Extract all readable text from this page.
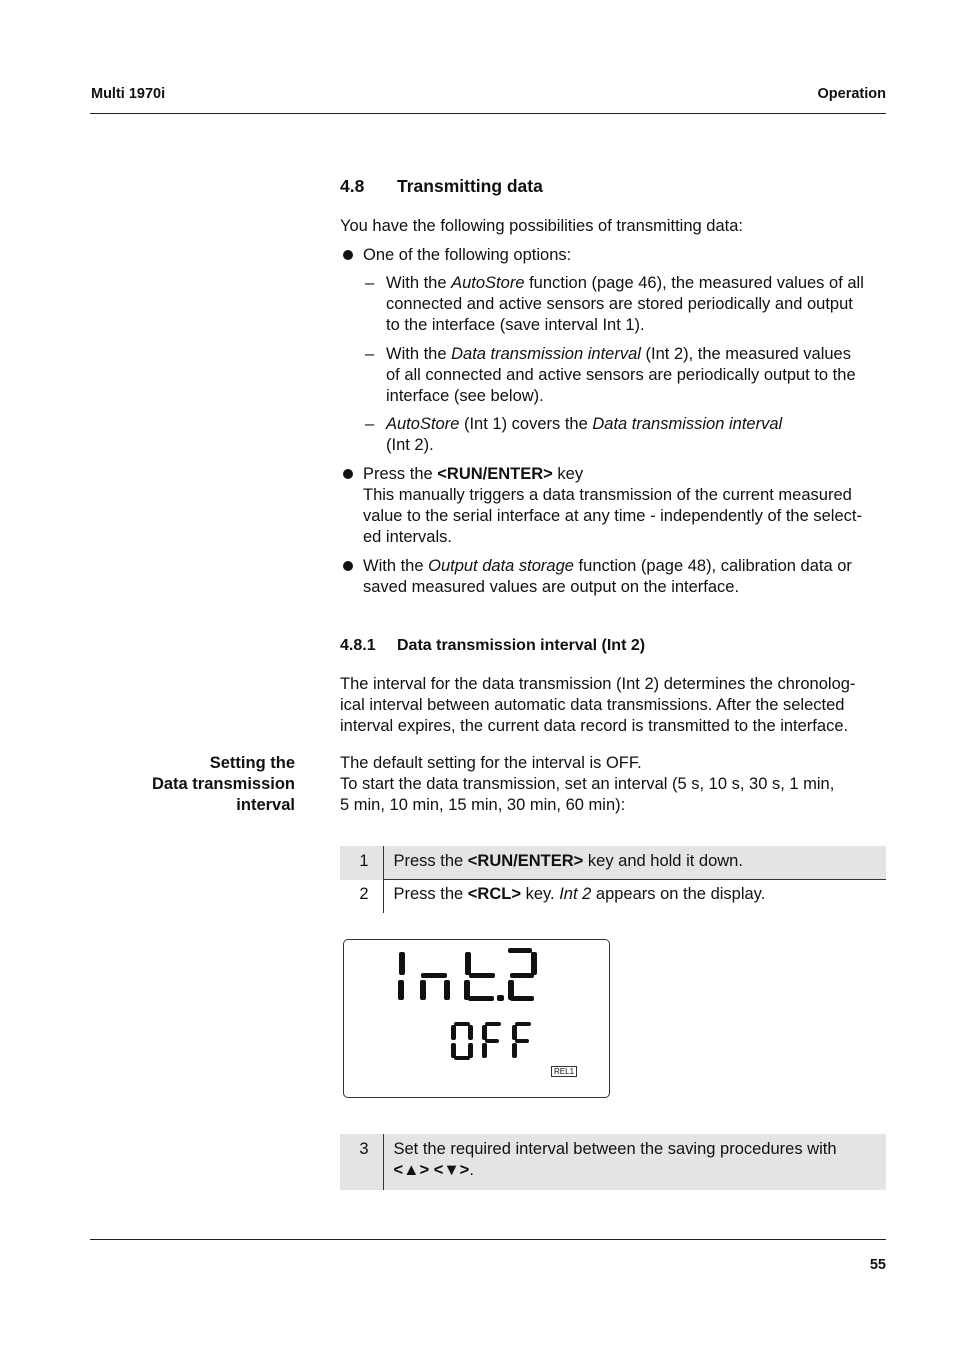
Multi 1970i	Operation
4.8 Transmitting data
You have the following possibilities of transmitting data:
One of the following options:
– With the AutoStore function (page 46), the measured values of all
connected and active sensors are stored periodically and output
to the interface (save interval Int 1).
– With the Data transmission interval (Int 2), the measured values
of all connected and active sensors are periodically output to the
interface (see below).
– AutoStore (Int 1) covers the Data transmission interval
(Int 2).
Press the <RUN/ENTER> key
This manually triggers a data transmission of the current measured
value to the serial interface at any time - independently of the select-
ed intervals.
With the Output data storage function (page 48), calibration data or
saved measured values are output on the interface.
4.8.1 Data transmission interval (Int 2)
The interval for the data transmission (Int 2) determines the chronolog-
ical interval between automatic data transmissions. After the selected
interval expires, the current data record is transmitted to the interface.
Setting the
Data transmission
interval
The default setting for the interval is OFF.
To start the data transmission, set an interval (5 s, 10 s, 30 s, 1 min,
5 min, 10 min, 15 min, 30 min, 60 min):
1	Press the <RUN/ENTER> key and hold it down.
2	Press the <RCL> key. Int 2 appears on the display.
REL1
3	Set the required interval between the saving procedures with
<▲> <▼>.
55
